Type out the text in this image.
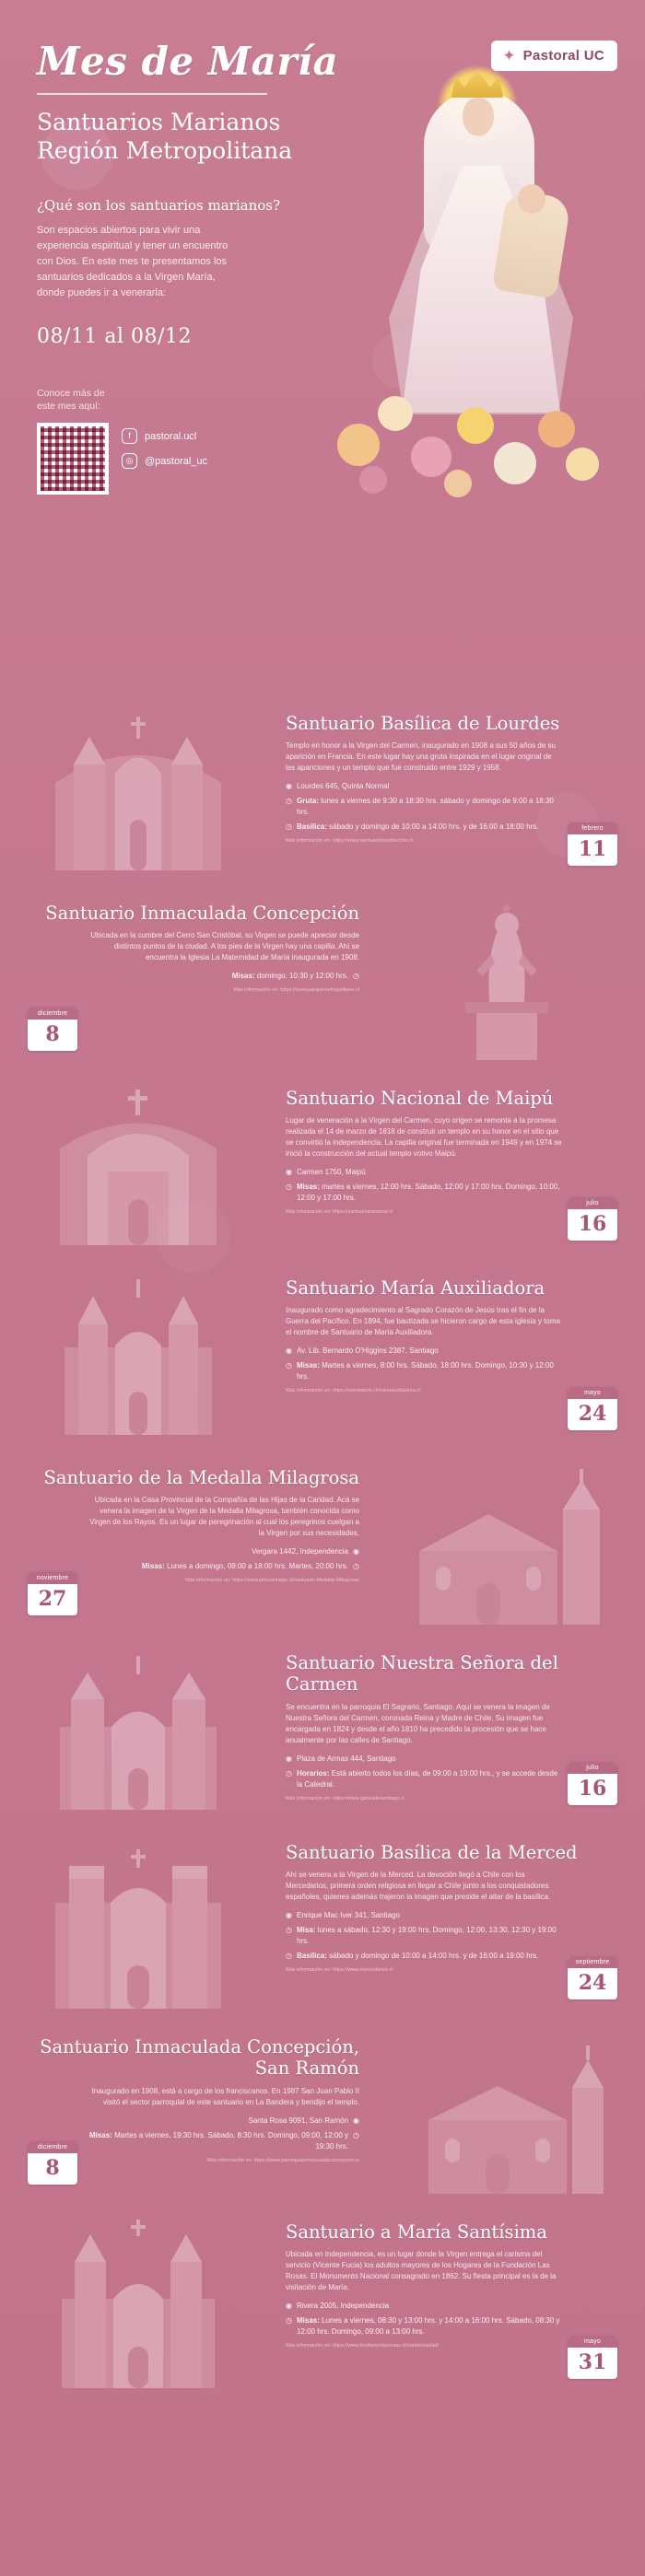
✦ Pastoral UC
Mes de María
Santuarios Marianos
Región Metropolitana
¿Qué son los santuarios marianos?
Son espacios abiertos para vivir una experiencia espiritual y tener un encuentro con Dios. En este mes te presentamos los santuarios dedicados a la Virgen María, donde puedes ir a venerarla:
08/11 al 08/12
Conoce más de
este mes aquí:
f	pastoral.ucl
◎	@pastoral_uc
Santuario Basílica de Lourdes
Templo en honor a la Virgen del Carmen, inaugurado en 1908 a sus 50 años de su aparición en Francia. En este lugar hay una gruta inspirada en el lugar original de las apariciones y un templo que fue construido entre 1929 y 1958.
◉ Lourdes 645, Quinta Normal
◷ Gruta: lunes a viernes de 9:30 a 18:30 hrs. sábado y domingo de 9:00 a 18:30 hrs.
◷ Basílica: sábado y domingo de 10:00 a 14:00 hrs. y de 16:00 a 18:00 hrs.
Más información en: https://www.santuariolourdeschile.cl
febrero
11
Santuario Inmaculada Concepción
Ubicada en la cumbre del Cerro San Cristóbal, su Virgen se puede apreciar desde distintos puntos de la ciudad. A los pies de la Virgen hay una capilla. Ahí se encuentra la Iglesia La Maternidad de María inaugurada en 1908.
◷
Misas: domingo, 10:30 y 12:00 hrs.
Más información en: https://www.parquemetropolitano.cl
diciembre
8
Santuario Nacional de Maipú
Lugar de veneración a la Virgen del Carmen, cuyo origen se remonta a la promesa realizada el 14 de marzo de 1818 de construir un templo en su honor en el sitio que se convirtió la independencia. La capilla original fue terminada en 1949 y en 1974 se inició la construcción del actual templo votivo Maipú.
◉ Carmen 1750, Maipú
◷ Misas: martes a viernes, 12:00 hrs. Sábado, 12:00 y 17:00 hrs. Domingo, 10:00, 12:00 y 17:00 hrs.
Más información en: https://santuarionacional.cl
julio
16
Santuario María Auxiliadora
Inaugurado como agradecimiento al Sagrado Corazón de Jesús tras el fin de la Guerra del Pacífico. En 1894, fue bautizada se hicieron cargo de esta iglesia y toma el nombre de Santuario de María Auxiliadora.
◉ Av. Lib. Bernardo O'Higgins 2387, Santiago
◷ Misas: Martes a viernes, 8:00 hrs. Sábado, 18:00 hrs. Domingo, 10:30 y 12:00 hrs.
Más información en: https://salesianos.cl/mariaauxiliadora.cl	mayo
24
Santuario de la Medalla Milagrosa
Ubicada en la Casa Provincial de la Compañía de las Hijas de la Caridad. Acá se venera la imagen de la Virgen de la Medalla Milagrosa, también conocida como Virgen de los Rayos. Es un lugar de peregrinación al cual los peregrinos cuelgan a la Virgen por sus necesidades.
◉
Vergara 1442, Independencia
◷
Misas: Lunes a domingo, 09:00 a 18:00 hrs. Martes, 20:00 hrs.
Más información en: https://santuariosantiago.cl/santuario-Medalla-Milagrosa/
noviembre
27
Santuario Nuestra Señora del Carmen
Se encuentra en la parroquia El Sagrario, Santiago. Aquí se venera la imagen de Nuestra Señora del Carmen, coronada Reina y Madre de Chile. Su imagen fue encargada en 1824 y desde el año 1810 ha precedido la procesión que se hace anualmente por las calles de Santiago.
◉ Plaza de Armas 444, Santiago
◷ Horarios: Está abierto todos los días, de 09:00 a 19:00 hrs., y se accede desde la Catedral.
Más información en: https://www.iglesiadesantiago.cl
julio
16
Santuario Basílica de la Merced
Ahí se venera a la Virgen de la Merced. La devoción llegó a Chile con los Mercedarios, primera orden religiosa en llegar a Chile junto a los conquistadores españoles, quienes además trajeron la imagen que preside el altar de la basílica.
◉ Enrique Mac Iver 341, Santiago
◷ Misa: lunes a sábado, 12:30 y 19:00 hrs. Domingo, 12:00, 13:30, 12:30 y 19:00 hrs.
◷ Basílica: sábado y domingo de 10:00 a 14:00 hrs. y de 16:00 a 19:00 hrs.
Más información en: https://www.mercedarios.cl
septiembre
24
Santuario Inmaculada Concepción,
San Ramón
Inaugurado en 1908, está a cargo de los franciscanos. En 1987 San Juan Pablo II visitó el sector parroquial de este santuario en La Bandera y bendijo el templo.
◉
Santa Rosa 9091, San Ramón
◷
Misas: Martes a viernes, 19:30 hrs. Sábado, 8:30 hrs. Domingo, 09:00, 12:00 y 19:30 hrs.
Más información en: https://www.parroquiainmaculadaconcepcion.cl
diciembre
8
Santuario a María Santísima
Ubicada en Independencia, es un lugar donde la Virgen entrega el carisma del servicio (Vicente Fucia) los adultos mayores de los Hogares de la Fundación Las Rosas. El Monumento Nacional consagrado en 1862. Su fiesta principal es la de la visitación de María.
◉ Rivera 2005, Independencia
◷ Misas: Lunes a viernes, 08:30 y 13:00 hrs. y 14:00 a 16:00 hrs. Sábado, 08:30 y 12:00 hrs. Domingo, 09:00 a 13:00 hrs.
Más información en: https://www.fundacionlasrosas.cl/santisimadad/
mayo
31
